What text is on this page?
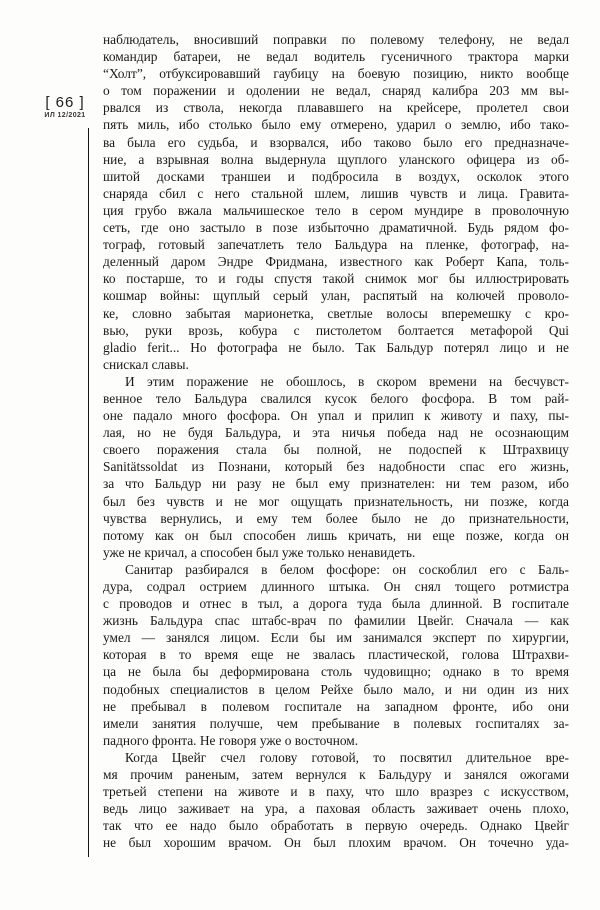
[ 66 ]
ИЛ 12/2021
наблюдатель, вносивший поправки по полевому телефону, не ведал
командир батареи, не ведал водитель гусеничного трактора марки
“Холт”, отбуксировавший гаубицу на боевую позицию, никто вообще
о том поражении и одолении не ведал, снаряд калибра 203 мм вы-
рвался из ствола, некогда плававшего на крейсере, пролетел свои
пять миль, ибо столько было ему отмерено, ударил о землю, ибо тако-
ва была его судьба, и взорвался, ибо таково было его предназначе-
ние, а взрывная волна выдернула щуплого уланского офицера из об-
шитой досками траншеи и подбросила в воздух, осколок этого
снаряда сбил с него стальной шлем, лишив чувств и лица. Гравита-
ция грубо вжала мальчишеское тело в сером мундире в проволочную
сеть, где оно застыло в позе избыточно драматичной. Будь рядом фо-
тограф, готовый запечатлеть тело Бальдура на пленке, фотограф, на-
деленный даром Эндре Фридмана, известного как Роберт Капа, толь-
ко постарше, то и годы спустя такой снимок мог бы иллюстрировать
кошмар войны: щуплый серый улан, распятый на колючей проволо-
ке, словно забытая марионетка, светлые волосы вперемешку с кро-
вью, руки врозь, кобура с пистолетом болтается метафорой Qui
gladio ferit... Но фотографа не было. Так Бальдур потерял лицо и не
снискал славы.
И этим поражение не обошлось, в скором времени на бесчувст-
венное тело Бальдура свалился кусок белого фосфора. В том рай-
оне падало много фосфора. Он упал и прилип к животу и паху, пы-
лая, но не будя Бальдура, и эта ничья победа над не осознающим
своего поражения стала бы полной, не подоспей к Штрахвицу
Sanitätssoldat из Познани, который без надобности спас его жизнь,
за что Бальдур ни разу не был ему признателен: ни тем разом, ибо
был без чувств и не мог ощущать признательность, ни позже, когда
чувства вернулись, и ему тем более было не до признательности,
потому как он был способен лишь кричать, ни еще позже, когда он
уже не кричал, а способен был уже только ненавидеть.
Санитар разбирался в белом фосфоре: он соскоблил его с Баль-
дура, содрал острием длинного штыка. Он снял тощего ротмистра
с проводов и отнес в тыл, а дорога туда была длинной. В госпитале
жизнь Бальдура спас штабс-врач по фамилии Цвейг. Сначала — как
умел — занялся лицом. Если бы им занимался эксперт по хирургии,
которая в то время еще не звалась пластической, голова Штрахви-
ца не была бы деформирована столь чудовищно; однако в то время
подобных специалистов в целом Рейхе было мало, и ни один из них
не пребывал в полевом госпитале на западном фронте, ибо они
имели занятия получше, чем пребывание в полевых госпиталях за-
падного фронта. Не говоря уже о восточном.
Когда Цвейг счел голову готовой, то посвятил длительное вре-
мя прочим раненым, затем вернулся к Бальдуру и занялся ожогами
третьей степени на животе и в паху, что шло вразрез с искусством,
ведь лицо заживает на ура, а паховая область заживает очень плохо,
так что ее надо было обработать в первую очередь. Однако Цвейг
не был хорошим врачом. Он был плохим врачом. Он точечно уда-
